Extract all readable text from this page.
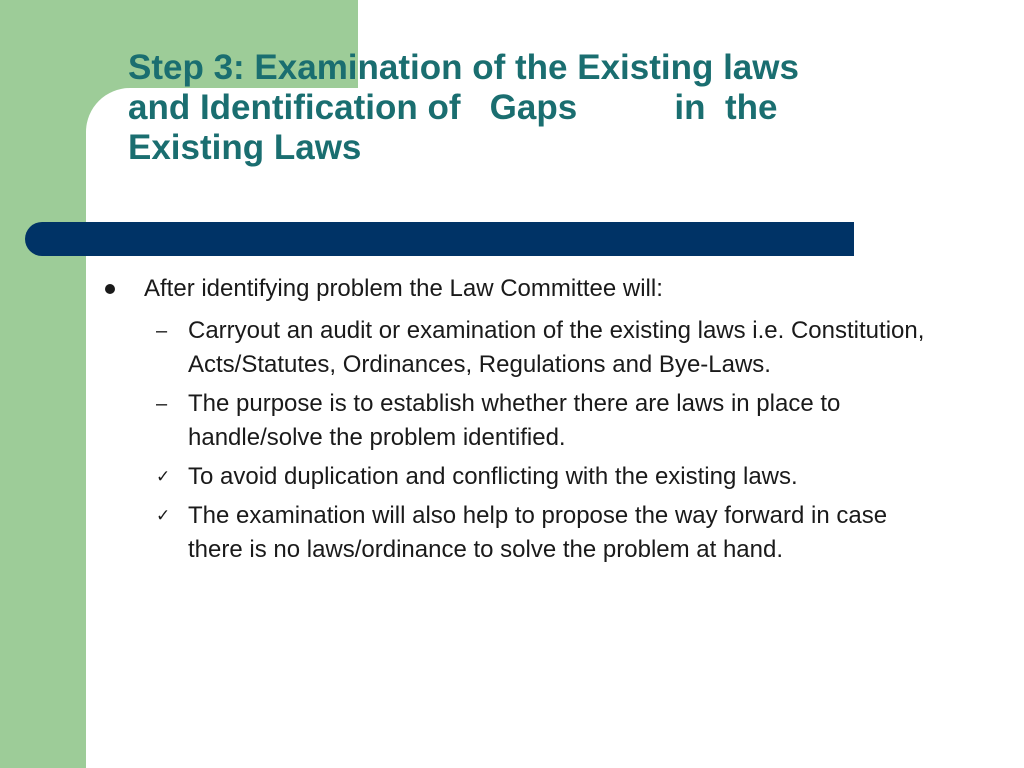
Step 3: Examination of the Existing laws
and Identification of   Gaps          in  the
Existing Laws
After identifying problem the Law Committee will:
– Carryout an audit or examination of the existing laws i.e. Constitution, Acts/Statutes, Ordinances, Regulations and Bye-Laws.
– The purpose is to establish whether there are laws in place to handle/solve the problem identified.
✓ To avoid duplication and conflicting with the existing laws.
✓ The examination will also help to propose the way forward in case there is no laws/ordinance to solve the problem at hand.
